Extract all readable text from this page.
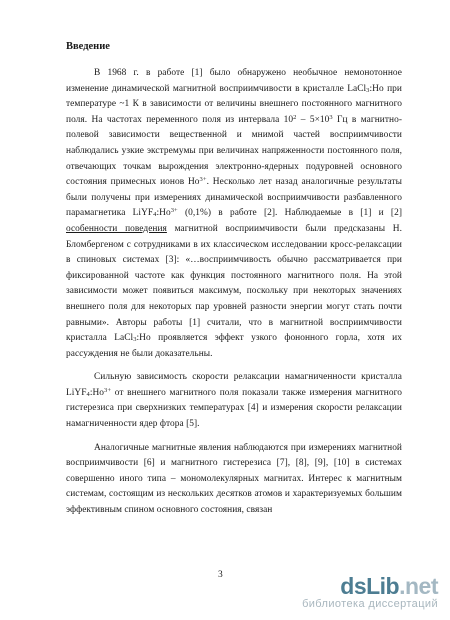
Введение

В 1968 г. в работе [1] было обнаружено необычное немонотонное изменение динамической магнитной восприимчивости в кристалле LaCl$_3$:Ho при температуре ~1 К в зависимости от величины внешнего постоянного магнитного поля. На частотах переменного поля из интервала $10^2 - 5\times 10^3$ Гц в магнитно-полевой зависимости вещественной и мнимой частей восприимчивости наблюдались узкие экстремумы при величинах напряженности постоянного поля, отвечающих точкам вырождения электронно-ядерных подуровней основного состояния примесных ионов $Ho^{3+}$. Несколько лет назад аналогичные результаты были получены при измерениях динамической восприимчивости разбавленного парамагнетика $LiYF_4:Ho^{3+}$ (0,1%) в работе [2]. Наблюдаемые в [1] и [2] особенности поведения магнитной восприимчивости были предсказаны Н. Бломбергеном с сотрудниками в их классическом исследовании кросс-релаксации в спиновых системах [3]: «…восприимчивость обычно рассматривается при фиксированной частоте как функция постоянного магнитного поля. На этой зависимости может появиться максимум, поскольку при некоторых значениях внешнего поля для некоторых пар уровней разности энергии могут стать почти равными». Авторы работы [1] считали, что в магнитной восприимчивости кристалла LaCl$_3$:Ho проявляется эффект узкого фононного горла, хотя их рассуждения не были доказательны.

Сильную зависимость скорости релаксации намагниченности кристалла $LiYF_4:Ho^{3+}$ от внешнего магнитного поля показали также измерения магнитного гистерезиса при сверхнизких температурах [4] и измерения скорости релаксации намагниченности ядер фтора [5].

Аналогичные магнитные явления наблюдаются при измерениях магнитной восприимчивости [6] и магнитного гистерезиса [7], [8], [9], [10] в системах совершенно иного типа – мономолекулярных магнитах. Интерес к магнитным системам, состоящим из нескольких десятков атомов и характеризуемых большим эффективным спином основного состояния, связан

3	dsLib.net
библиотека диссертаций
